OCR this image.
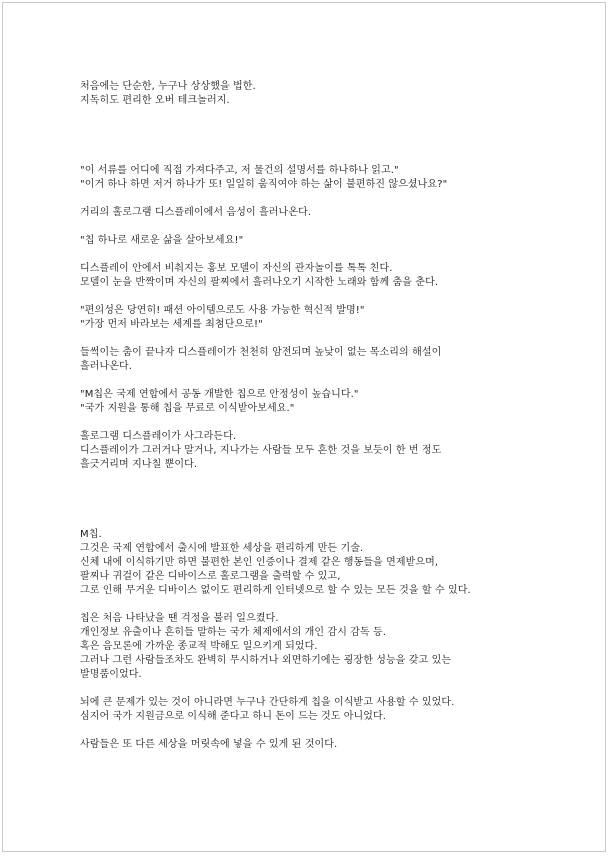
처음에는 단순한, 누구나 상상했을 법한.
지독히도 편리한 오버 테크놀러지.
"이 서류를 어디에 직접 가져다주고, 저 물건의 설명서를 하나하나 읽고."
"이거 하나 하면 저거 하나가 또! 일일히 움직여야 하는 삶이 불편하진 않으셨나요?"
거리의 홀로그램 디스플레이에서 음성이 흘러나온다.
"칩 하나로 새로운 삶을 살아보세요!"
디스플레이 안에서 비춰지는 홍보 모델이 자신의 관자놀이를 톡톡 친다.
모델이 눈을 반짝이며 자신의 팔찌에서 흘러나오기 시작한 노래와 함께 춤을 춘다.
"편의성은 당연히! 패션 아이템으로도 사용 가능한 혁신적 발명!"
"가장 먼저 바라보는 세계를 최첨단으로!"
들썩이는 춤이 끝나자 디스플레이가 천천히 암전되며 높낮이 없는 목소리의 해설이
흘러나온다.
"M칩은 국제 연합에서 공동 개발한 칩으로 안정성이 높습니다."
"국가 지원을 통해 칩을 무료로 이식받아보세요."
홀로그램 디스플레이가 사그라든다.
디스플레이가 그러거나 말거나, 지나가는 사람들 모두 흔한 것을 보듯이 한 번 정도
흘긋거리며 지나칠 뿐이다.
M칩.
그것은 국제 연합에서 출시에 발표한 세상을 편리하게 만든 기술.
신체 내에 이식하기만 하면 불편한 본인 인증이나 결제 같은 행동들을 면제받으며,
팔찌나 귀걸이 같은 디바이스로 홀로그램을 출력할 수 있고,
그로 인해 무거운 디바이스 없이도 편리하게 인터넷으로 할 수 있는 모든 것을 할 수 있다.
칩은 처음 나타났을 땐 걱정을 불러 일으켰다.
개인정보 유출이나 흔히들 말하는 국가 체제에서의 개인 감시 감독 등.
혹은 음모론에 가까운 종교적 박해도 일으키게 되었다.
그러나 그런 사람들조차도 완벽히 무시하거나 외면하기에는 굉장한 성능을 갖고 있는
발명품이었다.
뇌에 큰 문제가 있는 것이 아니라면 누구나 간단하게 칩을 이식받고 사용할 수 있었다.
심지어 국가 지원금으로 이식해 준다고 하니 돈이 드는 것도 아니었다.
사람들은 또 다른 세상을 머릿속에 넣을 수 있게 된 것이다.
